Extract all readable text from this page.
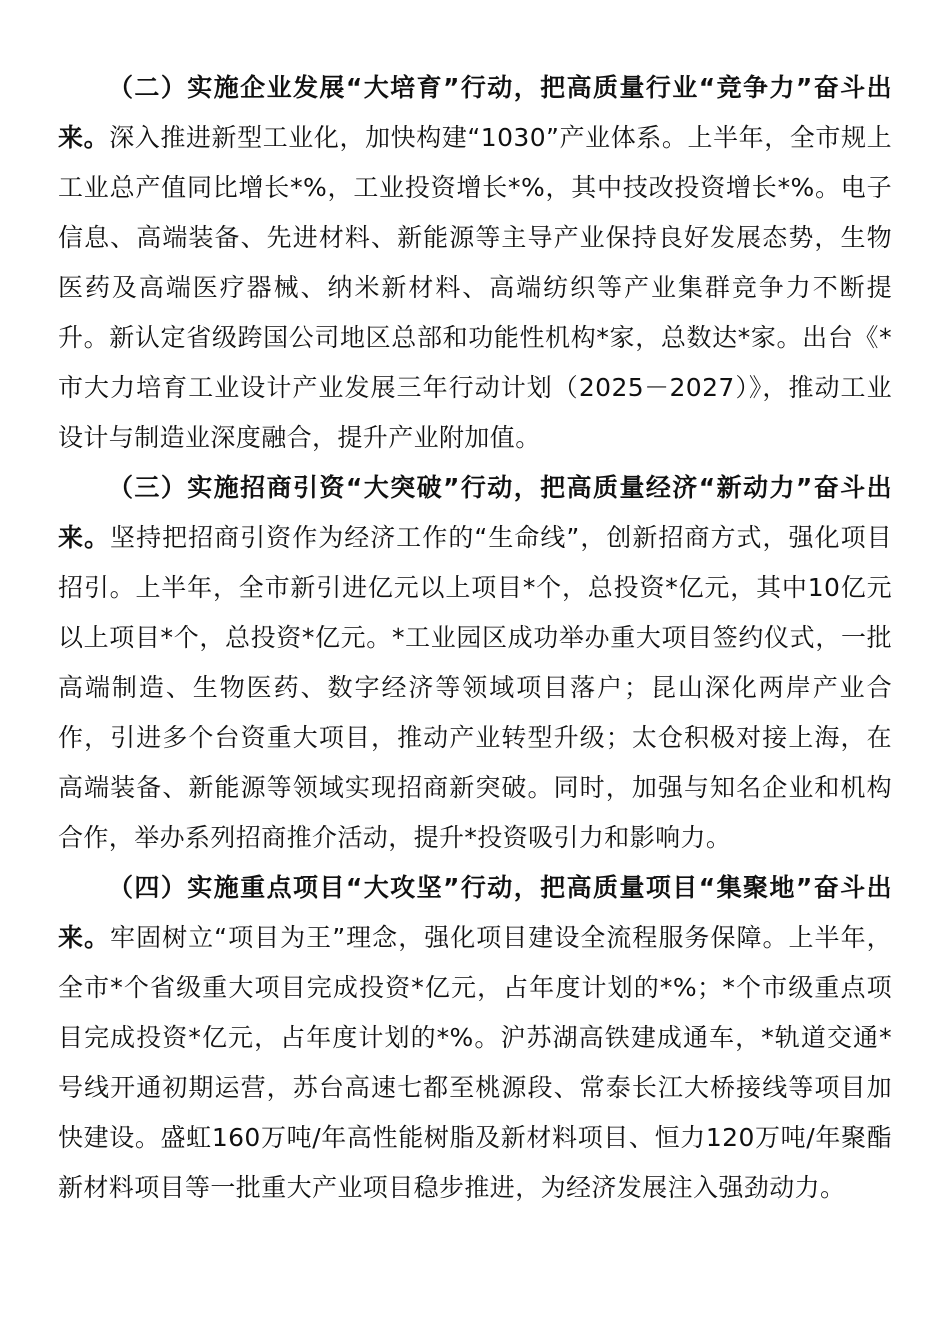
（二）实施企业发展“大培育”行动，把高质量行业“竞争力”奋斗出来。深入推进新型工业化，加快构建“1030”产业体系。上半年，全市规上工业总产值同比增长*%，工业投资增长*%，其中技改投资增长*%。电子信息、高端装备、先进材料、新能源等主导产业保持良好发展态势，生物医药及高端医疗器械、纳米新材料、高端纺织等产业集群竞争力不断提升。新认定省级跨国公司地区总部和功能性机构*家，总数达*家。出台《*市大力培育工业设计产业发展三年行动计划（2025－2027）》，推动工业设计与制造业深度融合，提升产业附加值。

（三）实施招商引资“大突破”行动，把高质量经济“新动力”奋斗出来。坚持把招商引资作为经济工作的“生命线”，创新招商方式，强化项目招引。上半年，全市新引进亿元以上项目*个，总投资*亿元，其中10亿元以上项目*个，总投资*亿元。*工业园区成功举办重大项目签约仪式，一批高端制造、生物医药、数字经济等领域项目落户；昆山深化两岸产业合作，引进多个台资重大项目，推动产业转型升级；太仓积极对接上海，在高端装备、新能源等领域实现招商新突破。同时，加强与知名企业和机构合作，举办系列招商推介活动，提升*投资吸引力和影响力。

（四）实施重点项目“大攻坚”行动，把高质量项目“集聚地”奋斗出来。牢固树立“项目为王”理念，强化项目建设全流程服务保障。上半年，全市*个省级重大项目完成投资*亿元，占年度计划的*%；*个市级重点项目完成投资*亿元，占年度计划的*%。沪苏湖高铁建成通车，*轨道交通*号线开通初期运营，苏台高速七都至桃源段、常泰长江大桥接线等项目加快建设。盛虹160万吨/年高性能树脂及新材料项目、恒力120万吨/年聚酯新材料项目等一批重大产业项目稳步推进，为经济发展注入强劲动力。
